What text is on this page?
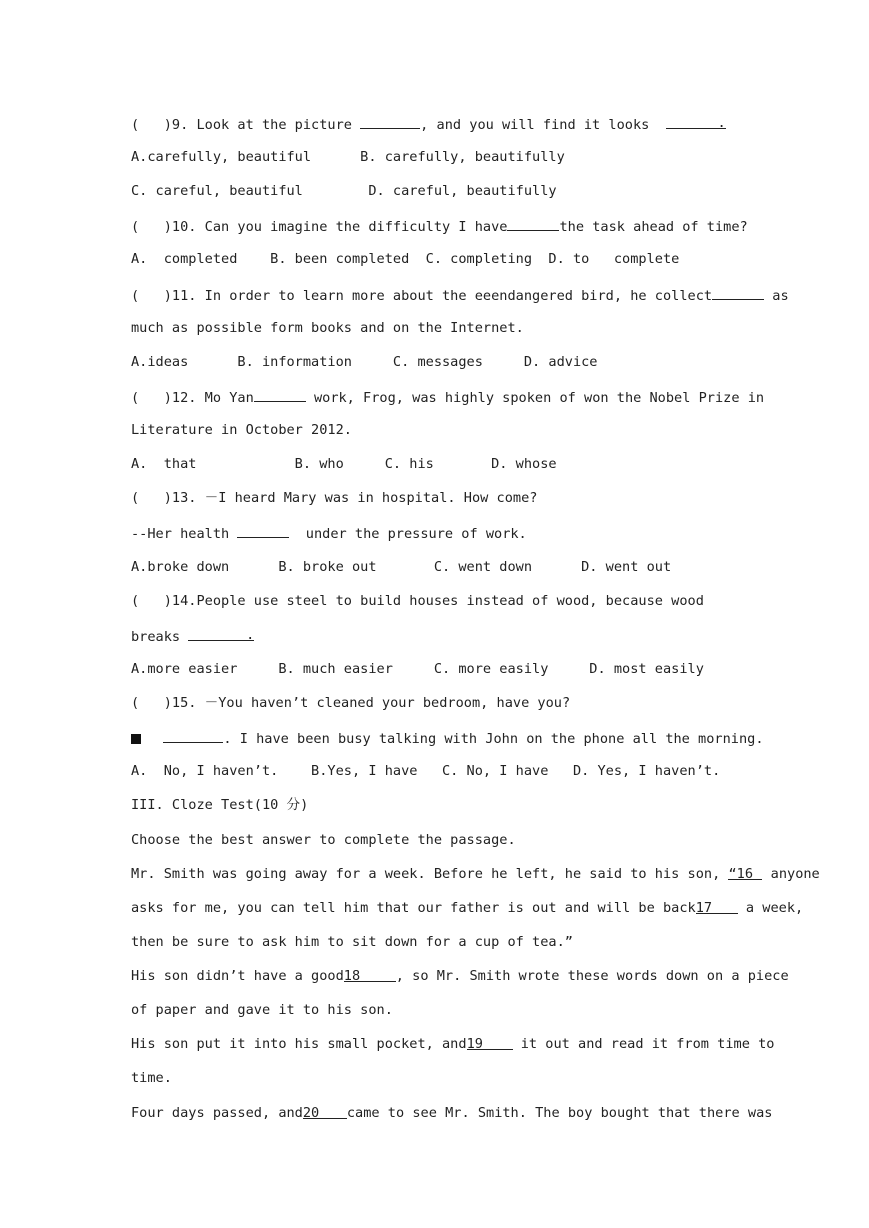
(   )9. Look at the picture	, and you will find it looks	.
A.carefully, beautiful      B. carefully, beautifully
C. careful, beautiful        D. careful, beautifully
(   )10. Can you imagine the difficulty I have	the task ahead of time?
A.  completed    B. been completed  C. completing  D. to   complete
(   )11. In order to learn more about the eeendangered bird, he collect	as
much as possible form books and on the Internet.
A.ideas      B. information     C. messages     D. advice
(   )12. Mo Yan	work, Frog, was highly spoken of won the Nobel Prize in
Literature in October 2012.
A.  that            B. who     C. his       D. whose
(   )13. －I heard Mary was in hospital. How come?
--Her health	under the pressure of work.
A.broke down      B. broke out       C. went down      D. went out
(   )14.People use steel to build houses instead of wood, because wood
breaks	.
A.more easier     B. much easier     C. more easily     D. most easily
(   )15. －You haven’t cleaned your bedroom, have you?
. I have been busy talking with John on the phone all the morning.
A.  No, I haven’t.    B.Yes, I have   C. No, I have   D. Yes, I haven’t.
III. Cloze Test(10 分)
Choose the best answer to complete the passage.
Mr. Smith was going away for a week. Before he left, he said to his son, “16 anyone
asks for me, you can tell him that our father is out and will be back17 a week,
then be sure to ask him to sit down for a cup of tea.”
His son didn’t have a good18	, so Mr. Smith wrote these words down on a piece
of paper and gave it to his son.
His son put it into his small pocket, and19 it out and read it from time to
time.
Four days passed, and20 came to see Mr. Smith. The boy bought that there was
